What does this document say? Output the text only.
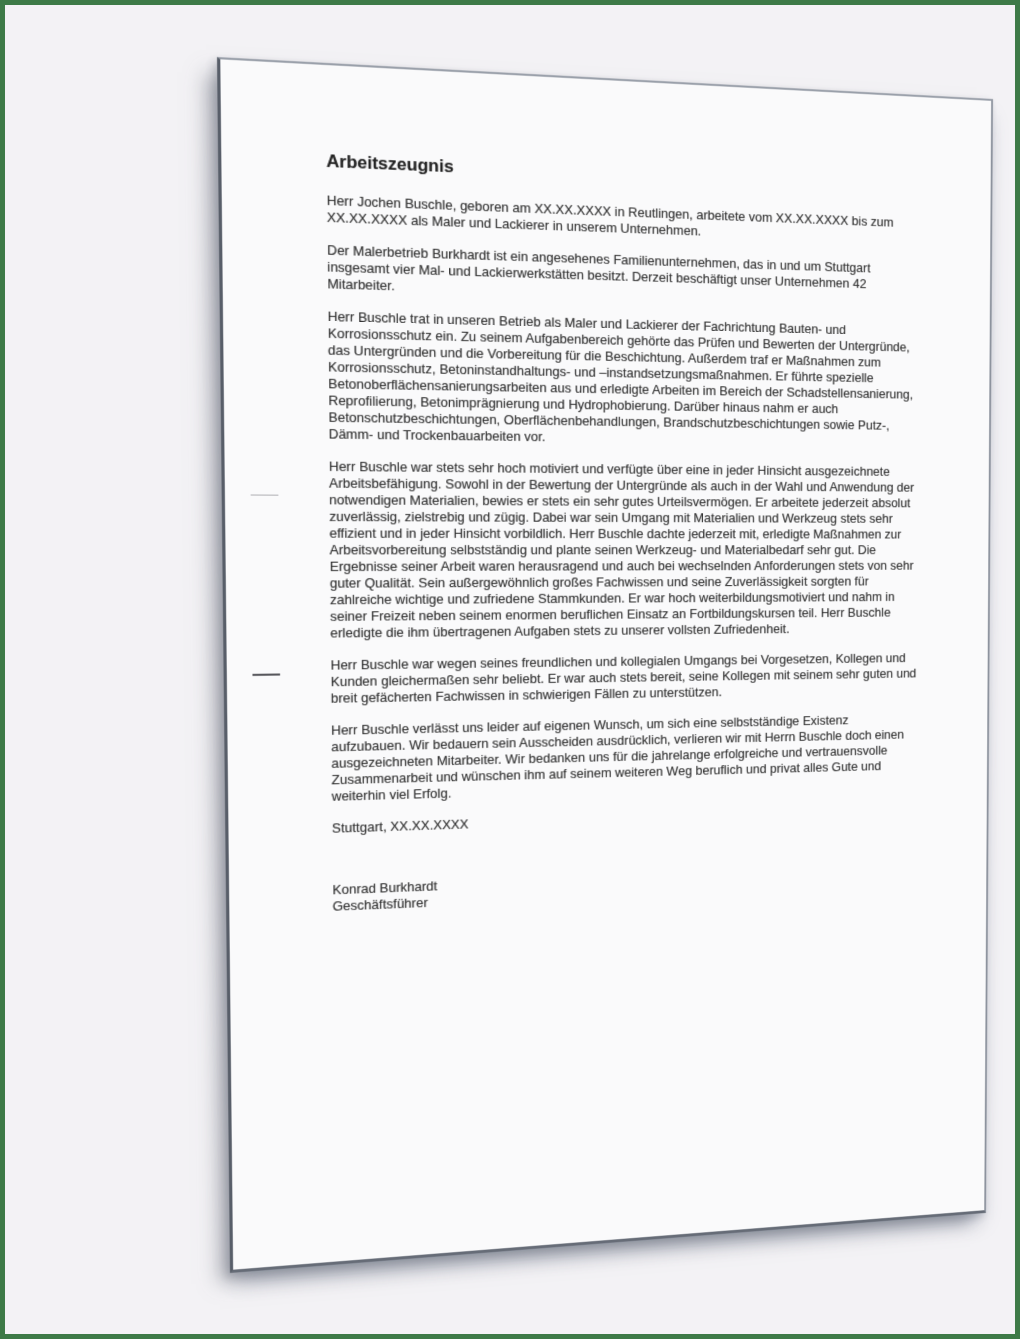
Arbeitszeugnis

Herr Jochen Buschle, geboren am XX.XX.XXXX in Reutlingen, arbeitete vom XX.XX.XXXX bis zum XX.XX.XXXX als Maler und Lackierer in unserem Unternehmen.

Der Malerbetrieb Burkhardt ist ein angesehenes Familienunternehmen, das in und um Stuttgart insgesamt vier Mal- und Lackierwerkstätten besitzt. Derzeit beschäftigt unser Unternehmen 42 Mitarbeiter.

Herr Buschle trat in unseren Betrieb als Maler und Lackierer der Fachrichtung Bauten- und Korrosionsschutz ein. Zu seinem Aufgabenbereich gehörte das Prüfen und Bewerten der Untergründe, das Untergründen und die Vorbereitung für die Beschichtung. Außerdem traf er Maßnahmen zum Korrosionsschutz, Betoninstandhaltungs- und –instandsetzungsmaßnahmen. Er führte spezielle Betonoberflächensanierungsarbeiten aus und erledigte Arbeiten im Bereich der Schadstellensanierung, Reprofilierung, Betonimprägnierung und Hydrophobierung. Darüber hinaus nahm er auch Betonschutzbeschichtungen, Oberflächenbehandlungen, Brandschutzbeschichtungen sowie Putz-, Dämm- und Trockenbauarbeiten vor.

Herr Buschle war stets sehr hoch motiviert und verfügte über eine in jeder Hinsicht ausgezeichnete Arbeitsbefähigung. Sowohl in der Bewertung der Untergründe als auch in der Wahl und Anwendung der notwendigen Materialien, bewies er stets ein sehr gutes Urteilsvermögen. Er arbeitete jederzeit absolut zuverlässig, zielstrebig und zügig. Dabei war sein Umgang mit Materialien und Werkzeug stets sehr effizient und in jeder Hinsicht vorbildlich. Herr Buschle dachte jederzeit mit, erledigte Maßnahmen zur Arbeitsvorbereitung selbstständig und plante seinen Werkzeug- und Materialbedarf sehr gut. Die Ergebnisse seiner Arbeit waren herausragend und auch bei wechselnden Anforderungen stets von sehr guter Qualität. Sein außergewöhnlich großes Fachwissen und seine Zuverlässigkeit sorgten für zahlreiche wichtige und zufriedene Stammkunden. Er war hoch weiterbildungsmotiviert und nahm in seiner Freizeit neben seinem enormen beruflichen Einsatz an Fortbildungskursen teil. Herr Buschle erledigte die ihm übertragenen Aufgaben stets zu unserer vollsten Zufriedenheit.

Herr Buschle war wegen seines freundlichen und kollegialen Umgangs bei Vorgesetzen, Kollegen und Kunden gleichermaßen sehr beliebt. Er war auch stets bereit, seine Kollegen mit seinem sehr guten und breit gefächerten Fachwissen in schwierigen Fällen zu unterstützen.

Herr Buschle verlässt uns leider auf eigenen Wunsch, um sich eine selbstständige Existenz aufzubauen. Wir bedauern sein Ausscheiden ausdrücklich, verlieren wir mit Herrn Buschle doch einen ausgezeichneten Mitarbeiter. Wir bedanken uns für die jahrelange erfolgreiche und vertrauensvolle Zusammenarbeit und wünschen ihm auf seinem weiteren Weg beruflich und privat alles Gute und weiterhin viel Erfolg.

Stuttgart, XX.XX.XXXX

Konrad Burkhardt

Geschäftsführer
